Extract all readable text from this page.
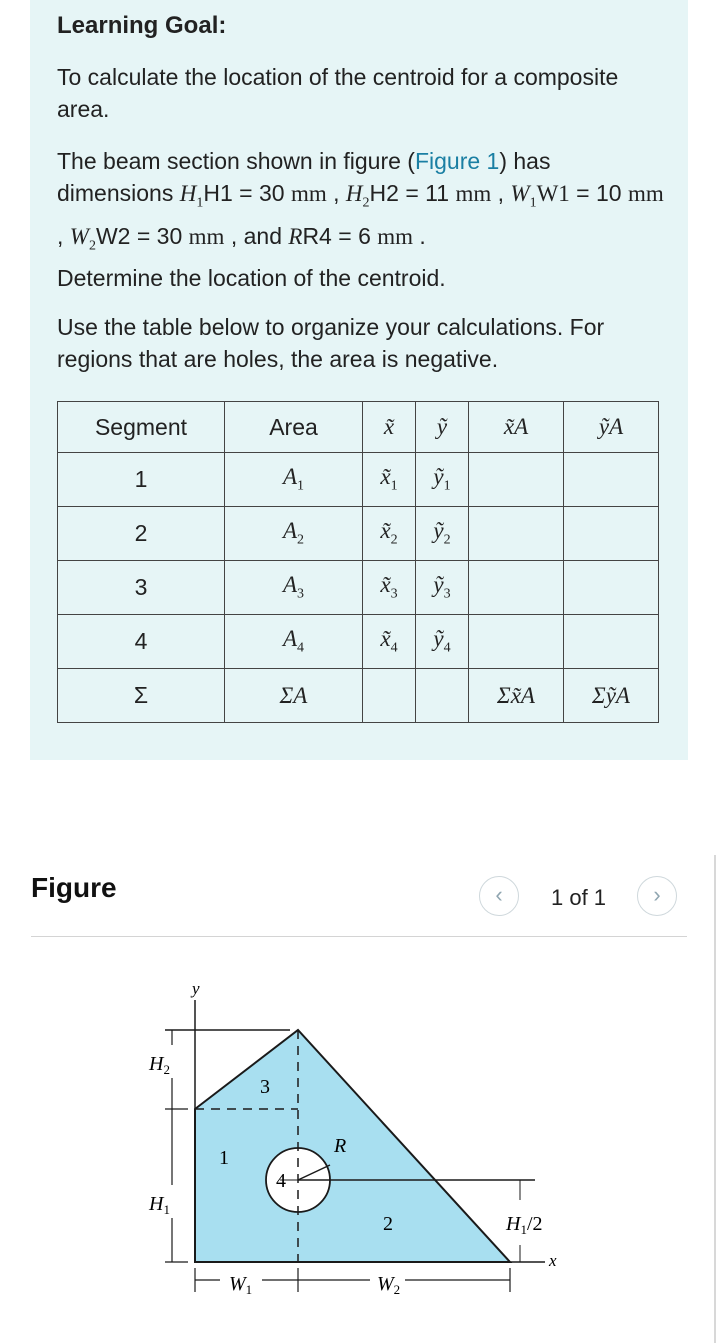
Learning Goal:
To calculate the location of the centroid for a composite area.
The beam section shown in figure (Figure 1) has dimensions $H_1H1 = 30$ mm , $H_2H2 = 11$ mm , $W_1W1 = 10$ mm , $W_2W2 = 30$ mm , and RR4 = 6 mm .
Determine the location of the centroid.
Use the table below to organize your calculations. For regions that are holes, the area is negative.
Segment	Area	x̃	ỹ	x̃A	ỹA
1	$A_1$	$x̃_1$	ỹ$_1$		
2	$A_2$	$x̃_2$	ỹ$_2$		
3	$A_3$	$x̃_3$	ỹ$_3$		
4	$A_4$	$x̃_4$	ỹ$_4$		
Σ	ΣA			Σx̃A	ΣỹA
Figure	‹	1 of 1	›
y
x
$H_2$
$H_1$
$H_1/2$
$W_1$	$W_2$
R
3
1
4
2
